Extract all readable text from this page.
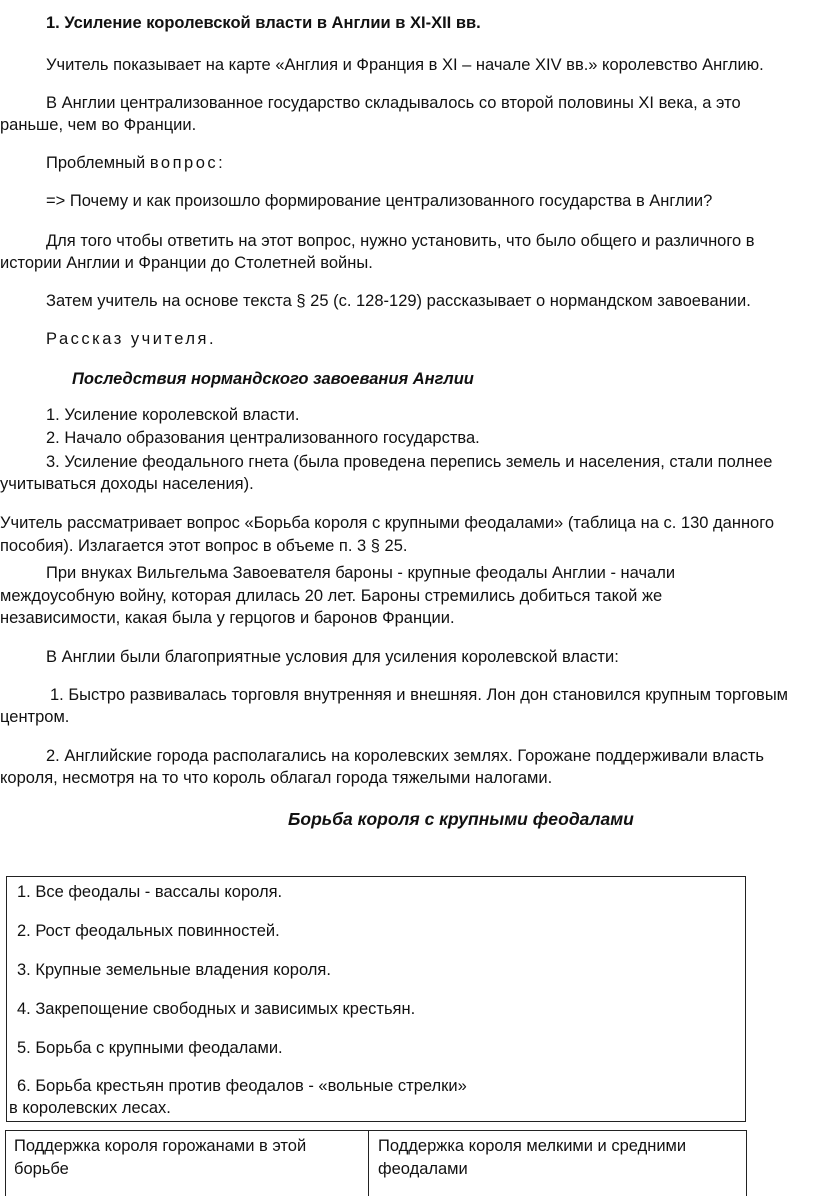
1. Усиление королевской власти в Англии в XI-XII вв.
Учитель показывает на карте «Англия и Франция в XI – начале XIV вв.» королевство Англию.
В Англии централизованное государство складывалось со второй половины XI века, а это
раньше, чем во Франции.
Проблемный вопрос:
=> Почему и как произошло формирование централизованного государства в Англии?
Для того чтобы ответить на этот вопрос, нужно установить, что было общего и различного в
истории Англии и Франции до Столетней войны.
Затем учитель на основе текста § 25 (с. 128-129) рассказывает о нормандском завоевании.
Рассказ учителя.
Последствия нормандского завоевания Англии
1. Усиление королевской власти.
2. Начало образования централизованного государства.
3. Усиление феодального гнета (была проведена перепись земель и населения, стали полнее
учитываться доходы населения).
Учитель рассматривает вопрос «Борьба короля с крупными феодалами» (таблица на с. 130 данного
пособия). Излагается этот вопрос в объеме п. 3 § 25.
При внуках Вильгельма Завоевателя бароны - крупные феодалы Англии - начали
междоусобную войну, которая длилась 20 лет. Бароны стремились добиться такой же
независимости, какая была у герцогов и баронов Франции.
В Англии были благоприятные условия для усиления королевской власти:
1. Быстро развивалась торговля внутренняя и внешняя. Лон дон становился крупным торговым
центром.
2. Английские города располагались на королевских землях. Горожане поддерживали власть
короля, несмотря на то что король облагал города тяжелыми налогами.
Борьба короля с крупными феодалами
1. Все феодалы - вассалы короля.
2. Рост феодальных повинностей.
3. Крупные земельные владения короля.
4. Закрепощение свободных и зависимых крестьян.
5. Борьба с крупными феодалами.
6. Борьба крестьян против феодалов - «вольные стрелки»
в королевских лесах.
Поддержка короля горожанами в этой борьбе
Поддержка короля мелкими и средними феодалами
